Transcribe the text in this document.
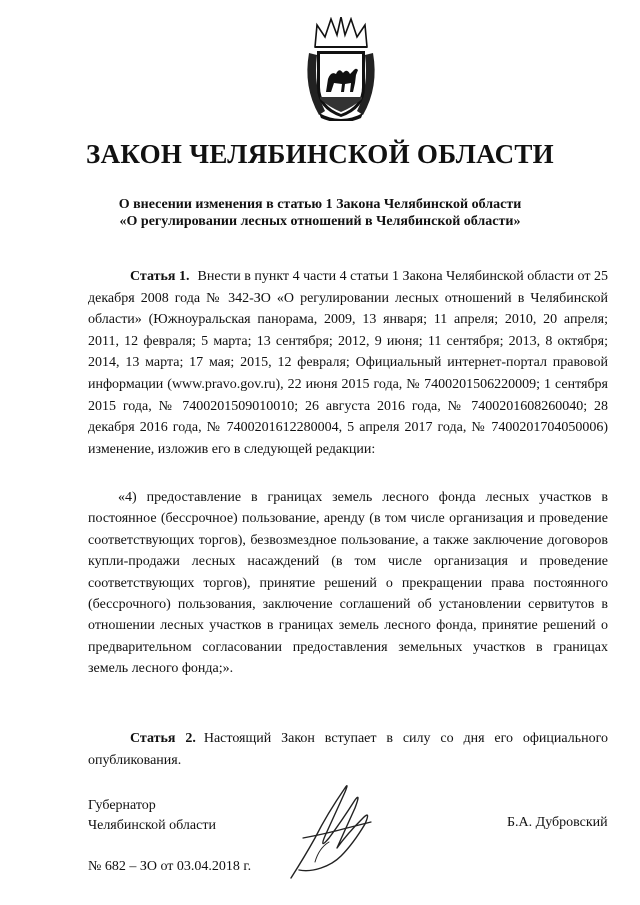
ЗАКОН ЧЕЛЯБИНСКОЙ ОБЛАСТИ

О внесении изменения в статью 1 Закона Челябинской области

«О регулировании лесных отношений в Челябинской области»

Статья 1. Внести в пункт 4 части 4 статьи 1 Закона Челябинской области от 25 декабря 2008 года № 342-ЗО «О регулировании лесных отношений в Челябинской области» (Южноуральская панорама, 2009, 13 января; 11 апреля; 2010, 20 апреля; 2011, 12 февраля; 5 марта; 13 сентября; 2012, 9 июня; 11 сентября; 2013, 8 октября; 2014, 13 марта; 17 мая; 2015, 12 февраля; Официальный интернет-портал правовой информации (www.pravo.gov.ru), 22 июня 2015 года, № 7400201506220009; 1 сентября 2015 года, № 7400201509010010; 26 августа 2016 года, № 7400201608260040; 28 декабря 2016 года, № 7400201612280004, 5 апреля 2017 года, № 7400201704050006) изменение, изложив его в следующей редакции:

«4) предоставление в границах земель лесного фонда лесных участков в постоянное (бессрочное) пользование, аренду (в том числе организация и проведение соответствующих торгов), безвозмездное пользование, а также заключение договоров купли-продажи лесных насаждений (в том числе организация и проведение соответствующих торгов), принятие решений о прекращении права постоянного (бессрочного) пользования, заключение соглашений об установлении сервитутов в отношении лесных участков в границах земель лесного фонда, принятие решений о предварительном согласовании предоставления земельных участков в границах земель лесного фонда;».

Статья 2. Настоящий Закон вступает в силу со дня его официального опубликования.

Губернатор
Челябинской области	Б.А. Дубровский
№ 682 – ЗО от 03.04.2018 г.
